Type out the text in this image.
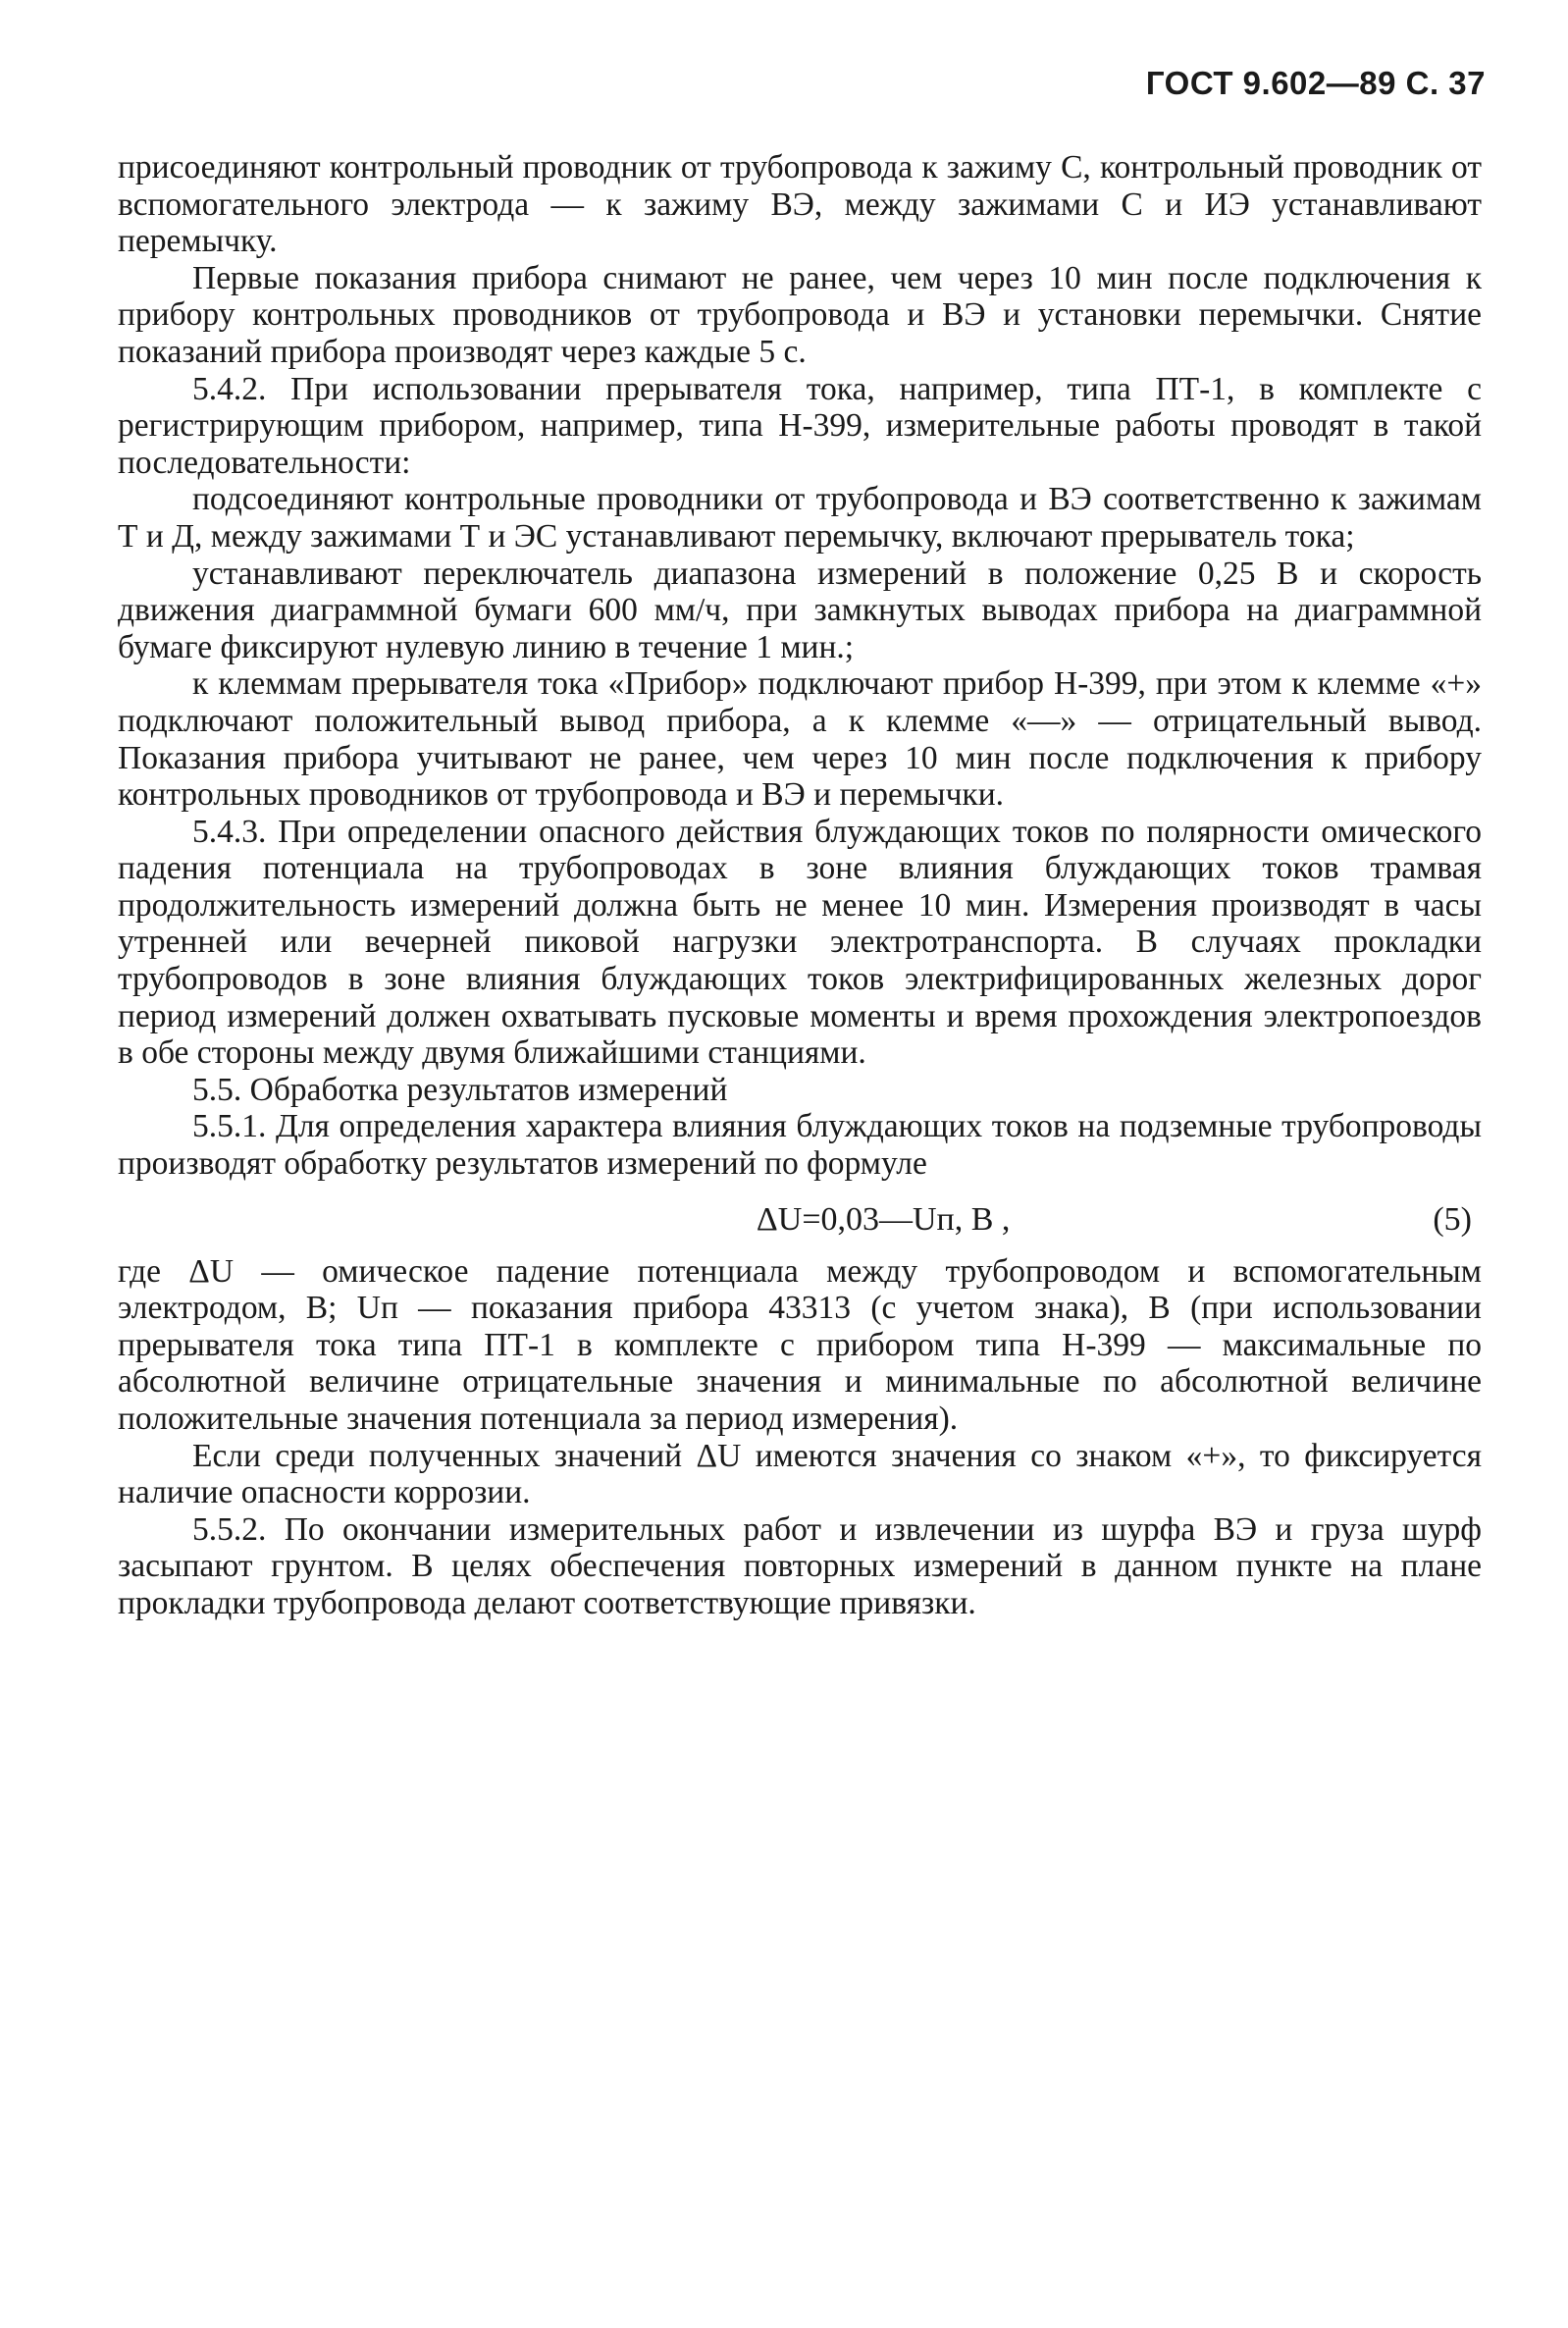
ГОСТ 9.602—89 С. 37

присоединяют контрольный проводник от трубопровода к зажиму С, контрольный проводник от вспомогательного электрода — к зажиму ВЭ, между зажимами С и ИЭ устанавливают перемычку.

Первые показания прибора снимают не ранее, чем через 10 мин после подключения к прибору контрольных проводников от трубопровода и ВЭ и установки перемычки. Снятие показаний прибора производят через каждые 5 с.

5.4.2. При использовании прерывателя тока, например, типа ПТ-1, в комплекте с регистрирующим прибором, например, типа Н-399, измерительные работы проводят в такой последовательности:

подсоединяют контрольные проводники от трубопровода и ВЭ соответственно к зажимам Т и Д, между зажимами Т и ЭС устанавливают перемычку, включают прерыватель тока;

устанавливают переключатель диапазона измерений в положение 0,25 В и скорость движения диаграммной бумаги 600 мм/ч, при замкнутых выводах прибора на диаграммной бумаге фиксируют нулевую линию в течение 1 мин.;

к клеммам прерывателя тока «Прибор» подключают прибор Н-399, при этом к клемме «+» подключают положительный вывод прибора, а к клемме «—» — отрицательный вывод. Показания прибора учитывают не ранее, чем через 10 мин после подключения к прибору контрольных проводников от трубопровода и ВЭ и перемычки.

5.4.3. При определении опасного действия блуждающих токов по полярности омического падения потенциала на трубопроводах в зоне влияния блуждающих токов трамвая продолжительность измерений должна быть не менее 10 мин. Измерения производят в часы утренней или вечерней пиковой нагрузки электротранспорта. В случаях прокладки трубопроводов в зоне влияния блуждающих токов электрифицированных железных дорог период измерений должен охватывать пусковые моменты и время прохождения электропоездов в обе стороны между двумя ближайшими станциями.

5.5. Обработка результатов измерений

5.5.1. Для определения характера влияния блуждающих токов на подземные трубопроводы производят обработку результатов измерений по формуле

ΔU=0,03—Uп, В ,	(5)

где ΔU — омическое падение потенциала между трубопроводом и вспомогательным электродом, В; Uп — показания прибора 43313 (с учетом знака), В (при использовании прерывателя тока типа ПТ-1 в комплекте с прибором типа Н-399 — максимальные по абсолютной величине отрицательные значения и минимальные по абсолютной величине положительные значения потенциала за период измерения).

Если среди полученных значений ΔU имеются значения со знаком «+», то фиксируется наличие опасности коррозии.

5.5.2. По окончании измерительных работ и извлечении из шурфа ВЭ и груза шурф засыпают грунтом. В целях обеспечения повторных измерений в данном пункте на плане прокладки трубопровода делают соответствующие привязки.
